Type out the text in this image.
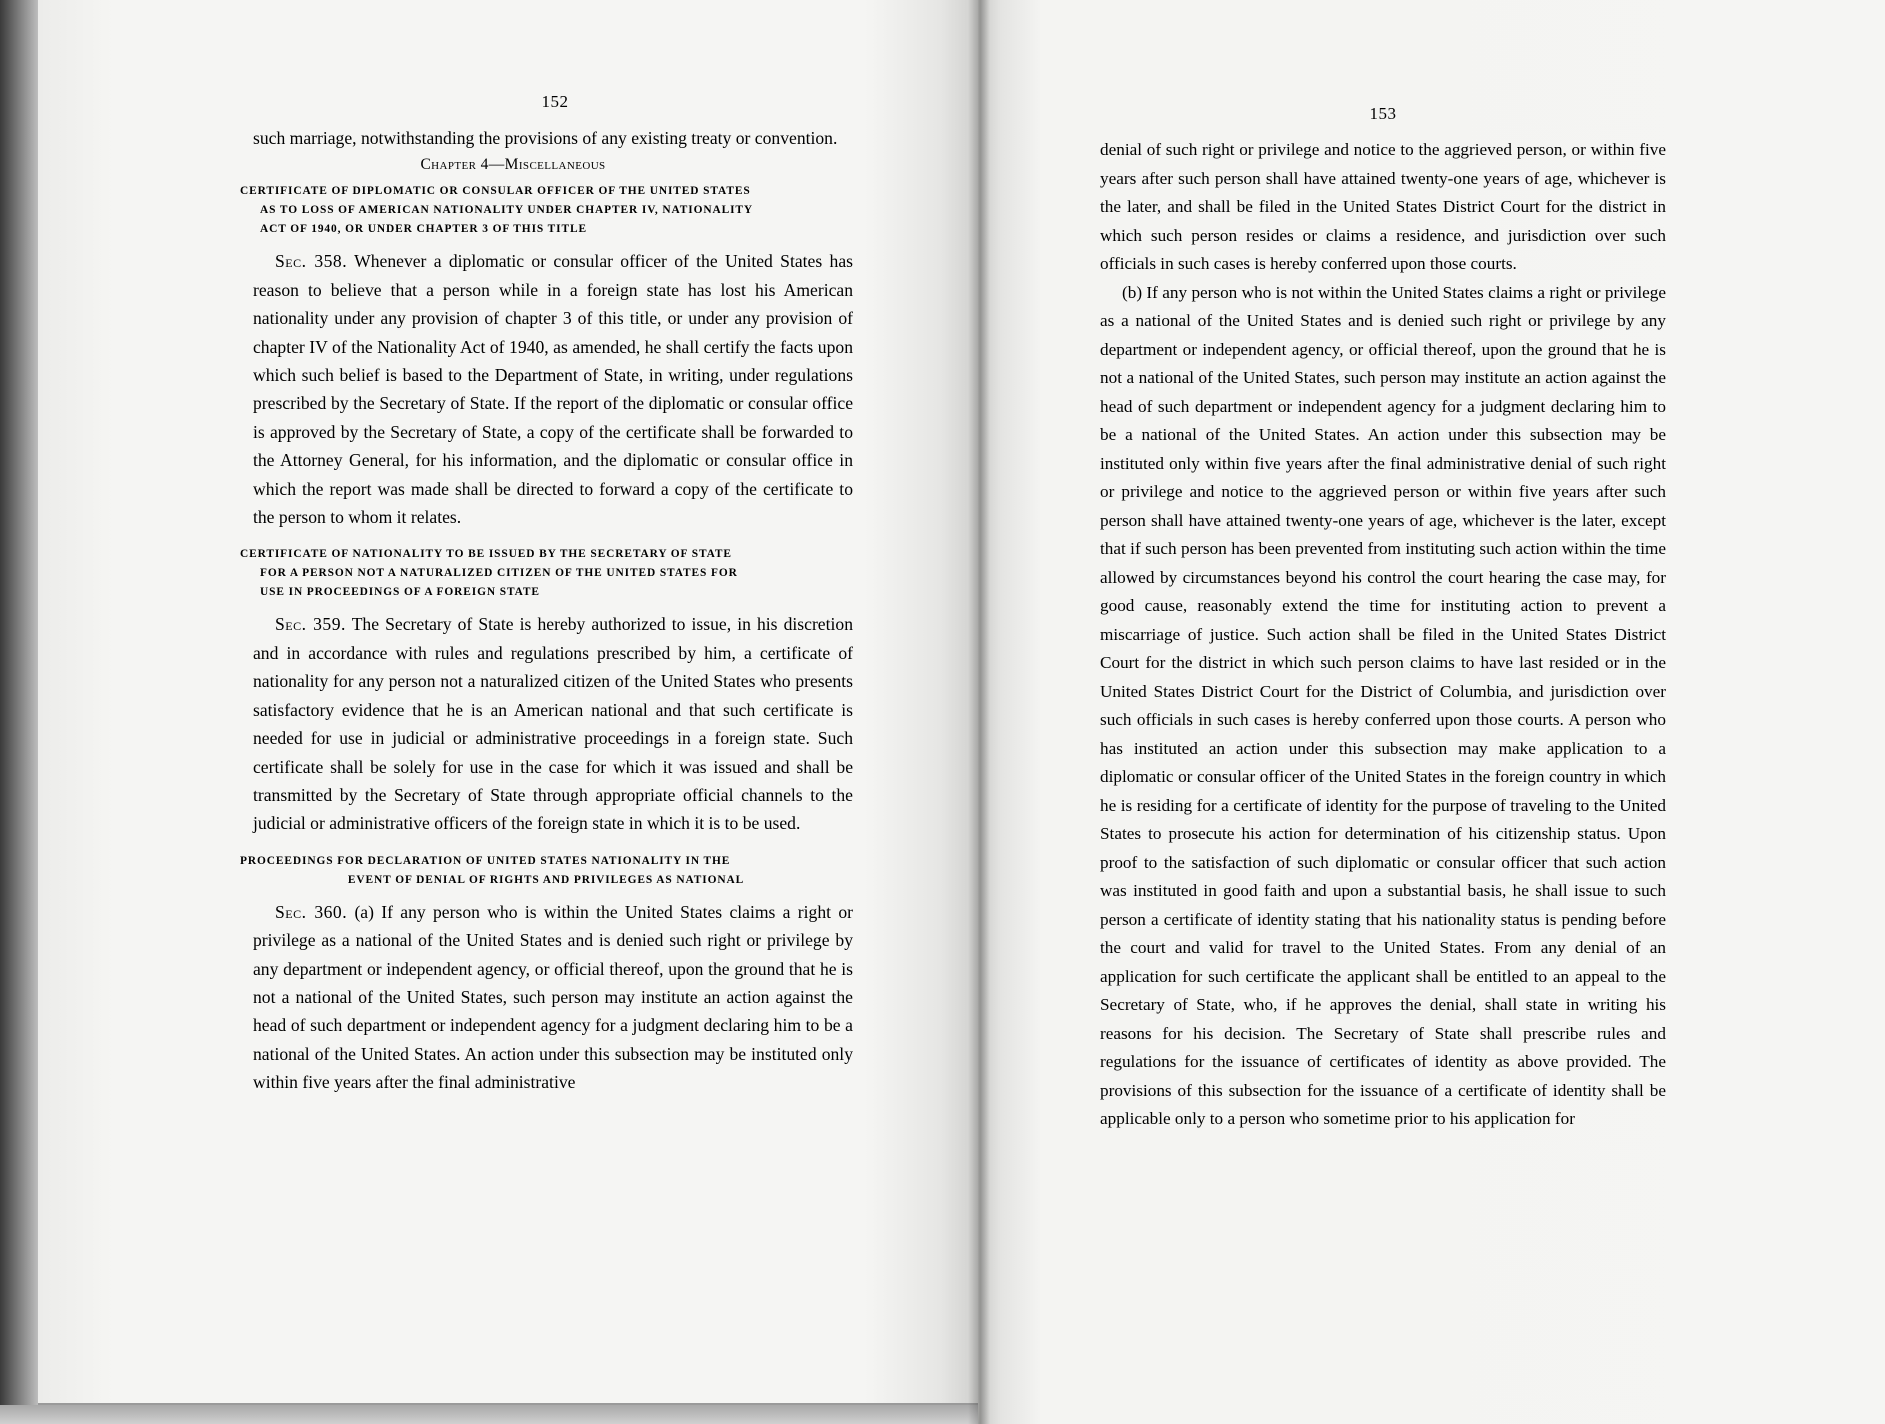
152

such marriage, notwithstanding the provisions of any existing treaty or convention.

Chapter 4—Miscellaneous
CERTIFICATE OF DIPLOMATIC OR CONSULAR OFFICER OF THE UNITED STATES
AS TO LOSS OF AMERICAN NATIONALITY UNDER CHAPTER IV, NATIONALITY
ACT OF 1940, OR UNDER CHAPTER 3 OF THIS TITLE

Sec. 358. Whenever a diplomatic or consular officer of the United States has reason to believe that a person while in a foreign state has lost his American nationality under any provision of chapter 3 of this title, or under any provision of chapter IV of the Nationality Act of 1940, as amended, he shall certify the facts upon which such belief is based to the Department of State, in writing, under regulations prescribed by the Secretary of State. If the report of the diplomatic or consular office is approved by the Secretary of State, a copy of the certificate shall be forwarded to the Attorney General, for his information, and the diplomatic or consular office in which the report was made shall be directed to forward a copy of the certificate to the person to whom it relates.

CERTIFICATE OF NATIONALITY TO BE ISSUED BY THE SECRETARY OF STATE
FOR A PERSON NOT A NATURALIZED CITIZEN OF THE UNITED STATES FOR
USE IN PROCEEDINGS OF A FOREIGN STATE

Sec. 359. The Secretary of State is hereby authorized to issue, in his discretion and in accordance with rules and regulations prescribed by him, a certificate of nationality for any person not a naturalized citizen of the United States who presents satisfactory evidence that he is an American national and that such certificate is needed for use in judicial or administrative proceedings in a foreign state. Such certificate shall be solely for use in the case for which it was issued and shall be transmitted by the Secretary of State through appropriate official channels to the judicial or administrative officers of the foreign state in which it is to be used.

PROCEEDINGS FOR DECLARATION OF UNITED STATES NATIONALITY IN THE
EVENT OF DENIAL OF RIGHTS AND PRIVILEGES AS NATIONAL

Sec. 360. (a) If any person who is within the United States claims a right or privilege as a national of the United States and is denied such right or privilege by any department or independent agency, or official thereof, upon the ground that he is not a national of the United States, such person may institute an action against the head of such department or independent agency for a judgment declaring him to be a national of the United States. An action under this subsection may be instituted only within five years after the final administrative

153

denial of such right or privilege and notice to the aggrieved person, or within five years after such person shall have attained twenty-one years of age, whichever is the later, and shall be filed in the United States District Court for the district in which such person resides or claims a residence, and jurisdiction over such officials in such cases is hereby conferred upon those courts.

(b) If any person who is not within the United States claims a right or privilege as a national of the United States and is denied such right or privilege by any department or independent agency, or official thereof, upon the ground that he is not a national of the United States, such person may institute an action against the head of such department or independent agency for a judgment declaring him to be a national of the United States. An action under this subsection may be instituted only within five years after the final administrative denial of such right or privilege and notice to the aggrieved person or within five years after such person shall have attained twenty-one years of age, whichever is the later, except that if such person has been prevented from instituting such action within the time allowed by circumstances beyond his control the court hearing the case may, for good cause, reasonably extend the time for instituting action to prevent a miscarriage of justice. Such action shall be filed in the United States District Court for the district in which such person claims to have last resided or in the United States District Court for the District of Columbia, and jurisdiction over such officials in such cases is hereby conferred upon those courts. A person who has instituted an action under this subsection may make application to a diplomatic or consular officer of the United States in the foreign country in which he is residing for a certificate of identity for the purpose of traveling to the United States to prosecute his action for determination of his citizenship status. Upon proof to the satisfaction of such diplomatic or consular officer that such action was instituted in good faith and upon a substantial basis, he shall issue to such person a certificate of identity stating that his nationality status is pending before the court and valid for travel to the United States. From any denial of an application for such certificate the applicant shall be entitled to an appeal to the Secretary of State, who, if he approves the denial, shall state in writing his reasons for his decision. The Secretary of State shall prescribe rules and regulations for the issuance of certificates of identity as above provided. The provisions of this subsection for the issuance of a certificate of identity shall be applicable only to a person who sometime prior to his application for
